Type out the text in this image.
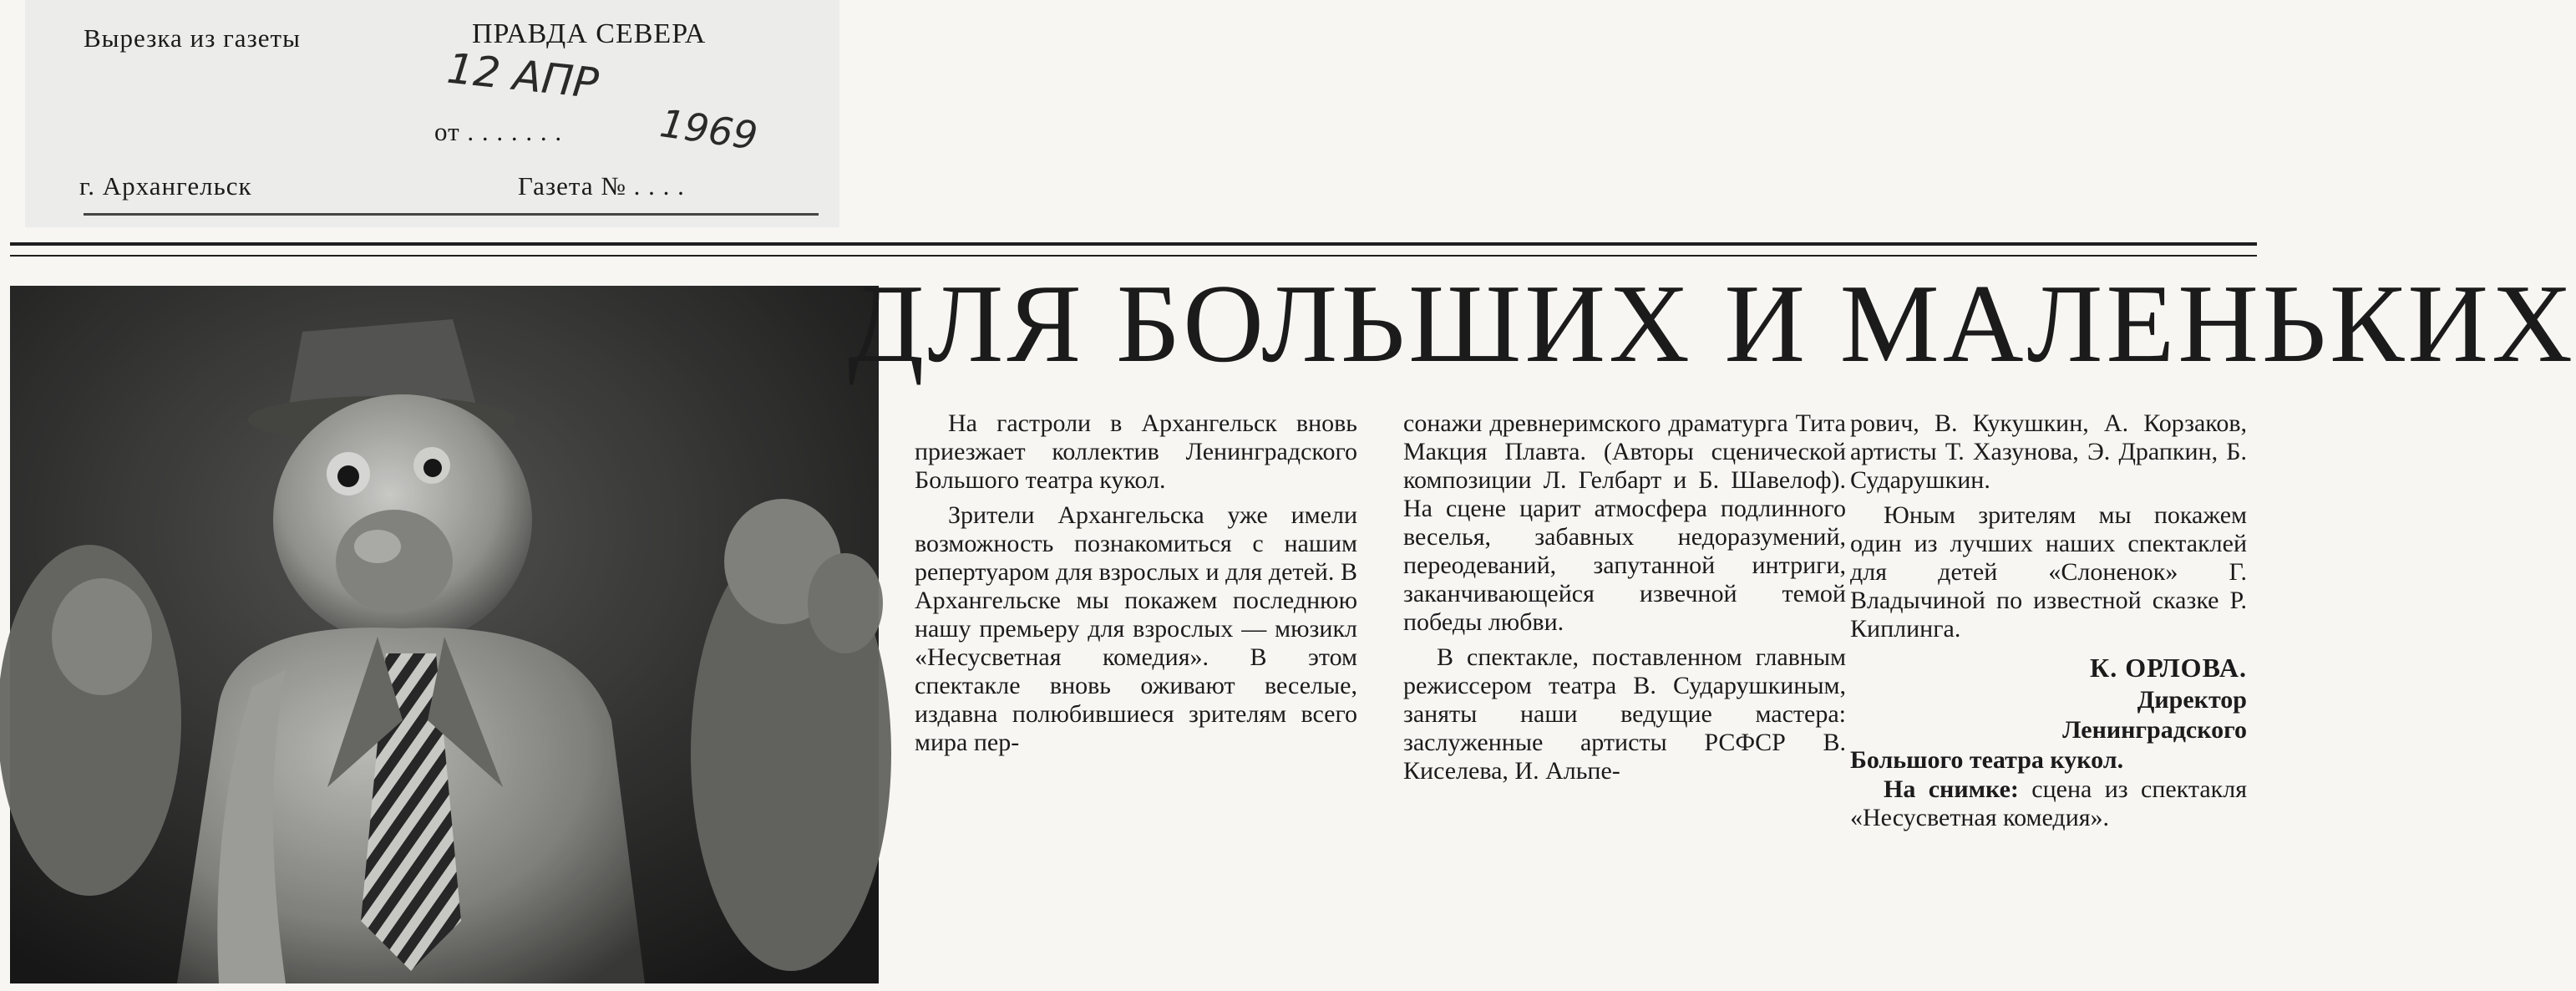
Вырезка из газеты	ПРАВДА СЕВЕРА
12 АПР
от . . . . . . . 1969
г. Архангельск	Газета № . . . .
ДЛЯ БОЛЬШИХ И МАЛЕНЬКИХ

На гастроли в Архангельск вновь приезжает коллектив Ленинградского Большого театра кукол.

Зрители Архангельска уже имели возможность познакомиться с нашим репертуаром для взрослых и для детей. В Архангельске мы покажем последнюю нашу премьеру для взрослых — мюзикл «Несусветная комедия». В этом спектакле вновь оживают веселые, издавна полюбившиеся зрителям всего мира пер-

сонажи древнеримского драматурга Тита Макция Плавта. (Авторы сценической композиции Л. Гелбарт и Б. Шавелоф). На сцене царит атмосфера подлинного веселья, забавных недоразумений, переодеваний, запутанной интриги, заканчивающейся извечной темой победы любви.

В спектакле, поставленном главным режиссером театра В. Сударушкиным, заняты наши ведущие мастера: заслуженные артисты РСФСР В. Киселева, И. Альпе-

рович, В. Кукушкин, А. Корзаков, артисты Т. Хазунова, Э. Драпкин, Б. Сударушкин.

Юным зрителям мы покажем один из лучших наших спектаклей для детей «Слоненок» Г. Владычиной по известной сказке Р. Киплинга.

К. ОРЛОВА.
Директор
Ленинградского
Большого театра кукол.

На снимке: сцена из спектакля «Несусветная комедия».
